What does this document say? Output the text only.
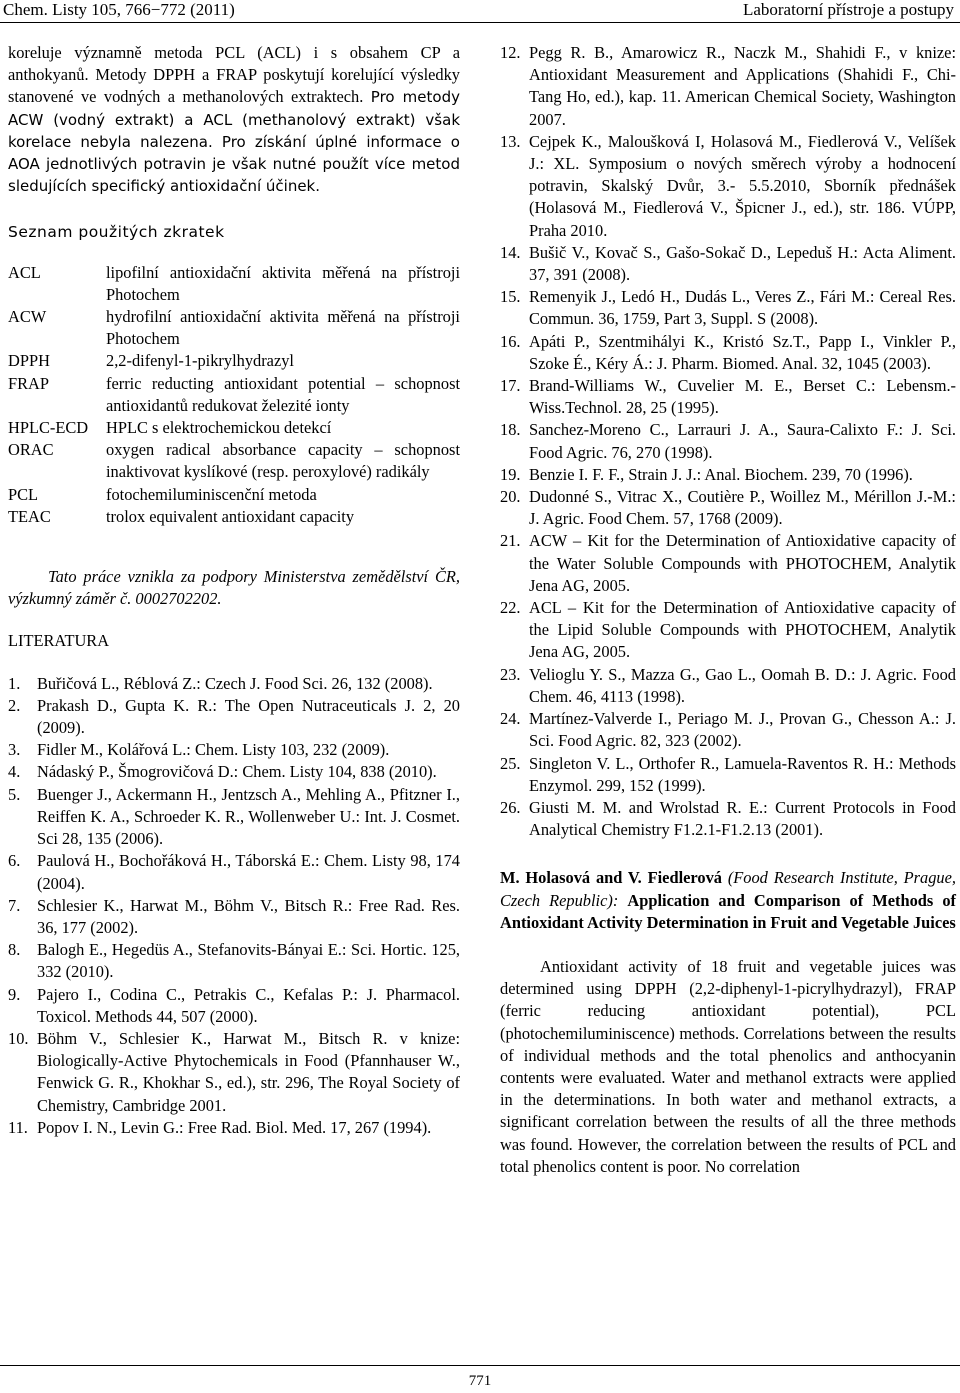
Chem. Listy 105, 766−772 (2011)	Laboratorní přístroje a postupy

koreluje významně metoda PCL (ACL) i s obsahem CP a anthokyanů. Metody DPPH a FRAP poskytují korelující výsledky stanovené ve vodných a methanolových extraktech. Pro metody ACW (vodný extrakt) a ACL (methanolový extrakt) však korelace nebyla nalezena. Pro získání úplné informace o AOA jednotlivých potravin je však nutné použít více metod sledujících specifický antioxidační účinek.

Seznam použitých zkratek
ACL	lipofilní antioxidační aktivita měřená na přístroji Photochem
ACW	hydrofilní antioxidační aktivita měřená na přístroji Photochem
DPPH	2,2-difenyl-1-pikrylhydrazyl
FRAP	ferric reducting antioxidant potential – schopnost antioxidantů redukovat železité ionty
HPLC-ECD	HPLC s elektrochemickou detekcí
ORAC	oxygen radical absorbance capacity – schopnost inaktivovat kyslíkové (resp. peroxylové) radikály
PCL	fotochemiluminiscenční metoda
TEAC	trolox equivalent antioxidant capacity

Tato práce vznikla za podpory Ministerstva zemědělství ČR, výzkumný záměr č. 0002702202.

LITERATURA
1.	Buřičová L., Réblová Z.: Czech J. Food Sci. 26, 132 (2008).
2.	Prakash D., Gupta K. R.: The Open Nutraceuticals J. 2, 20 (2009).
3.	Fidler M., Kolářová L.: Chem. Listy 103, 232 (2009).
4.	Nádaský P., Šmogrovičová D.: Chem. Listy 104, 838 (2010).
5.	Buenger J., Ackermann H., Jentzsch A., Mehling A., Pfitzner I., Reiffen K. A., Schroeder K. R., Wollenweber U.: Int. J. Cosmet. Sci 28, 135 (2006).
6.	Paulová H., Bochořáková H., Táborská E.: Chem. Listy 98, 174 (2004).
7.	Schlesier K., Harwat M., Böhm V., Bitsch R.: Free Rad. Res. 36, 177 (2002).
8.	Balogh E., Hegedüs A., Stefanovits-Bányai E.: Sci. Hortic. 125, 332 (2010).
9.	Pajero I., Codina C., Petrakis C., Kefalas P.: J. Pharmacol. Toxicol. Methods 44, 507 (2000).
10. Böhm V., Schlesier K., Harwat M., Bitsch R. v knize: Biologically-Active Phytochemicals in Food (Pfannhauser W., Fenwick G. R., Khokhar S., ed.), str. 296, The Royal Society of Chemistry, Cambridge 2001.
11. Popov I. N., Levin G.: Free Rad. Biol. Med. 17, 267 (1994).
12. Pegg R. B., Amarowicz R., Naczk M., Shahidi F., v knize: Antioxidant Measurement and Applications (Shahidi F., Chi-Tang Ho, ed.), kap. 11. American Chemical Society, Washington 2007.
13. Cejpek K., Maloušková I, Holasová M., Fiedlerová V., Velíšek J.: XL. Symposium o nových směrech výroby a hodnocení potravin, Skalský Dvůr, 3.- 5.5.2010, Sborník přednášek (Holasová M., Fiedlerová V., Špicner J., ed.), str. 186. VÚPP, Praha 2010.
14. Bušič V., Kovač S., Gašo-Sokač D., Lepeduš H.: Acta Aliment. 37, 391 (2008).
15. Remenyik J., Ledó H., Dudás L., Veres Z., Fári M.: Cereal Res. Commun. 36, 1759, Part 3, Suppl. S (2008).
16. Apáti P., Szentmihályi K., Kristó Sz.T., Papp I., Vinkler P., Szoke É., Kéry Á.: J. Pharm. Biomed. Anal. 32, 1045 (2003).
17. Brand-Williams W., Cuvelier M. E., Berset C.: Lebensm.-Wiss.Technol. 28, 25 (1995).
18. Sanchez-Moreno C., Larrauri J. A., Saura-Calixto F.: J. Sci. Food Agric. 76, 270 (1998).
19. Benzie I. F. F., Strain J. J.: Anal. Biochem. 239, 70 (1996).
20. Dudonné S., Vitrac X., Coutière P., Woillez M., Mérillon J.-M.: J. Agric. Food Chem. 57, 1768 (2009).
21. ACW – Kit for the Determination of Antioxidative capacity of the Water Soluble Compounds with PHOTOCHEM, Analytik Jena AG, 2005.
22. ACL – Kit for the Determination of Antioxidative capacity of the Lipid Soluble Compounds with PHOTOCHEM, Analytik Jena AG, 2005.
23. Velioglu Y. S., Mazza G., Gao L., Oomah B. D.: J. Agric. Food Chem. 46, 4113 (1998).
24. Martínez-Valverde I., Periago M. J., Provan G., Chesson A.: J. Sci. Food Agric. 82, 323 (2002).
25. Singleton V. L., Orthofer R., Lamuela-Raventos R. H.: Methods Enzymol. 299, 152 (1999).
26. Giusti M. M. and Wrolstad R. E.: Current Protocols in Food Analytical Chemistry F1.2.1-F1.2.13 (2001).

M. Holasová and V. Fiedlerová (Food Research Institute, Prague, Czech Republic): Application and Comparison of Methods of Antioxidant Activity Determination in Fruit and Vegetable Juices

Antioxidant activity of 18 fruit and vegetable juices was determined using DPPH (2,2-diphenyl-1-picrylhydrazyl), FRAP (ferric reducing antioxidant potential), PCL (photochemiluminiscence) methods. Correlations between the results of individual methods and the total phenolics and anthocyanin contents were evaluated. Water and methanol extracts were applied in the determinations. In both water and methanol extracts, a significant correlation between the results of all the three methods was found. However, the correlation between the results of PCL and total phenolics content is poor. No correlation

771
